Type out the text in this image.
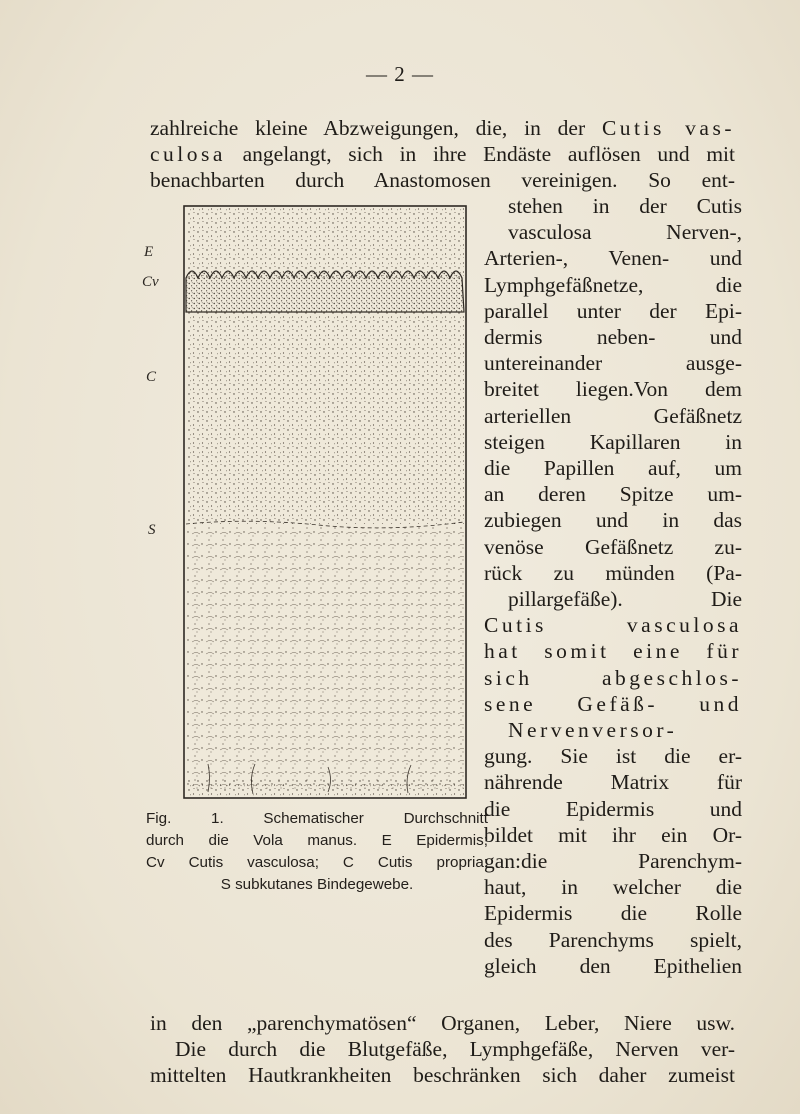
— 2 —
zahlreiche kleine Abzweigungen, die, in der Cutis vas-
culosa angelangt, sich in ihre Endäste auflösen und mit
benachbarten durch Anastomosen vereinigen. So ent-
stehen in der Cutis
vasculosa Nerven-,
Arterien-, Venen- und
Lymphgefäßnetze, die
parallel unter der Epi-
dermis neben- und
untereinander ausge-
breitet liegen.Von dem
arteriellen Gefäßnetz
steigen Kapillaren in
die Papillen auf, um
an deren Spitze um-
zubiegen und in das
venöse Gefäßnetz zu-
rück zu münden (Pa-
pillargefäße). Die
Cutis vasculosa
hat somit eine für
sich abgeschlos-
sene Gefäß- und
Nervenversor-
gung. Sie ist die er-
nährende Matrix für
die Epidermis und
bildet mit ihr ein Or-
gan:die Parenchym-
haut, in welcher die
Epidermis die Rolle
des Parenchyms spielt,
gleich den Epithelien
E
Cv
C
S
Fig. 1. Schematischer Durchschnitt
durch die Vola manus. E Epidermis;
Cv Cutis vasculosa; C Cutis propria;
S subkutanes Bindegewebe.
in den „parenchymatösen“ Organen, Leber, Niere usw.
Die durch die Blutgefäße, Lymphgefäße, Nerven ver-
mittelten Hautkrankheiten beschränken sich daher zumeist
